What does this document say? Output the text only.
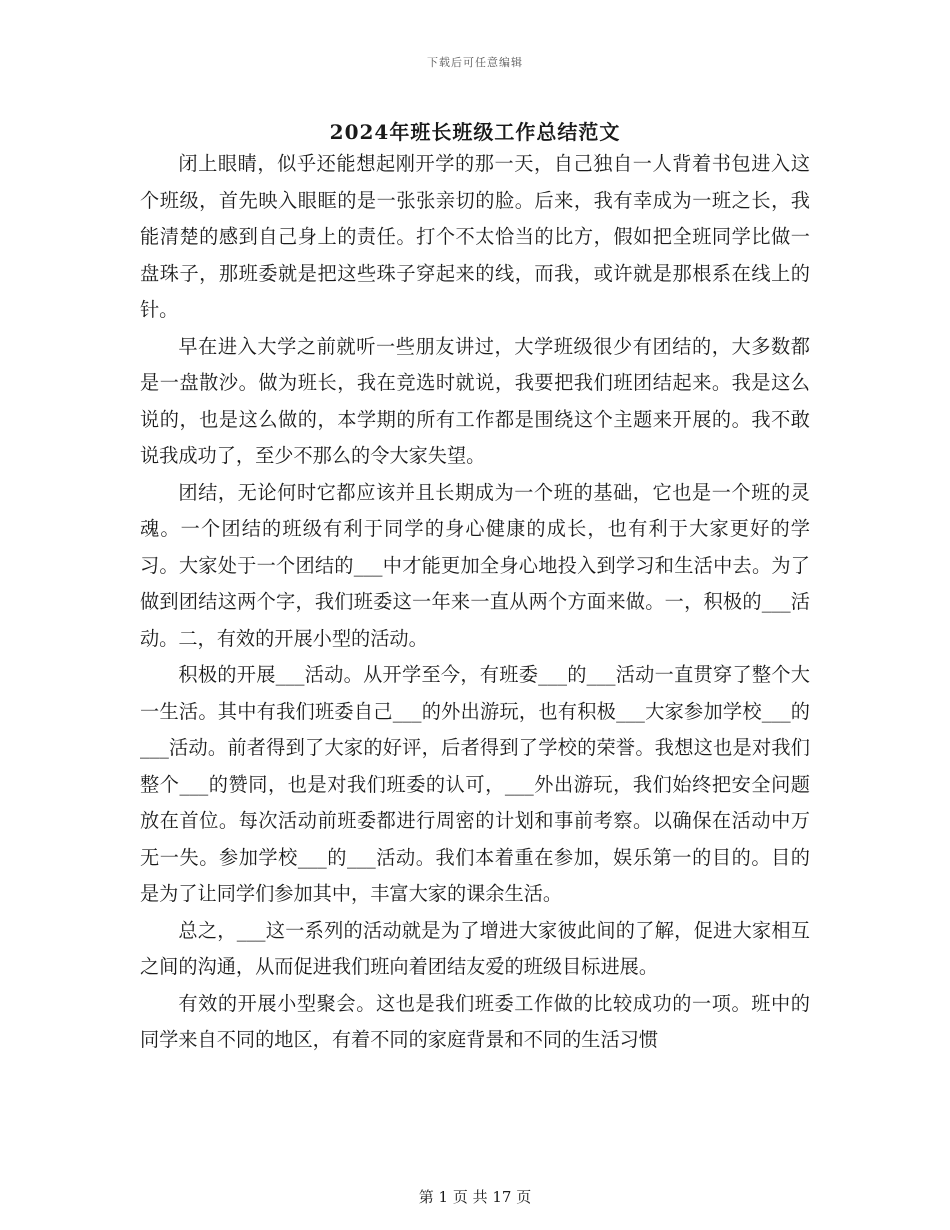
下载后可任意编辑
2024年班长班级工作总结范文

闭上眼睛，似乎还能想起刚开学的那一天，自己独自一人背着书包进入这个班级，首先映入眼眶的是一张张亲切的脸。后来，我有幸成为一班之长，我能清楚的感到自己身上的责任。打个不太恰当的比方，假如把全班同学比做一盘珠子，那班委就是把这些珠子穿起来的线，而我，或许就是那根系在线上的针。

早在进入大学之前就听一些朋友讲过，大学班级很少有团结的，大多数都是一盘散沙。做为班长，我在竞选时就说，我要把我们班团结起来。我是这么说的，也是这么做的，本学期的所有工作都是围绕这个主题来开展的。我不敢说我成功了，至少不那么的令大家失望。

团结，无论何时它都应该并且长期成为一个班的基础，它也是一个班的灵魂。一个团结的班级有利于同学的身心健康的成长，也有利于大家更好的学习。大家处于一个团结的___中才能更加全身心地投入到学习和生活中去。为了做到团结这两个字，我们班委这一年来一直从两个方面来做。一，积极的___活动。二，有效的开展小型的活动。

积极的开展___活动。从开学至今，有班委___的___活动一直贯穿了整个大一生活。其中有我们班委自己___的外出游玩，也有积极___大家参加学校___的___活动。前者得到了大家的好评，后者得到了学校的荣誉。我想这也是对我们整个___的赞同，也是对我们班委的认可，___外出游玩，我们始终把安全问题放在首位。每次活动前班委都进行周密的计划和事前考察。以确保在活动中万无一失。参加学校___的___活动。我们本着重在参加，娱乐第一的目的。目的是为了让同学们参加其中，丰富大家的课余生活。

总之，___这一系列的活动就是为了增进大家彼此间的了解，促进大家相互之间的沟通，从而促进我们班向着团结友爱的班级目标进展。

有效的开展小型聚会。这也是我们班委工作做的比较成功的一项。班中的同学来自不同的地区，有着不同的家庭背景和不同的生活习惯

第 1 页 共 17 页
